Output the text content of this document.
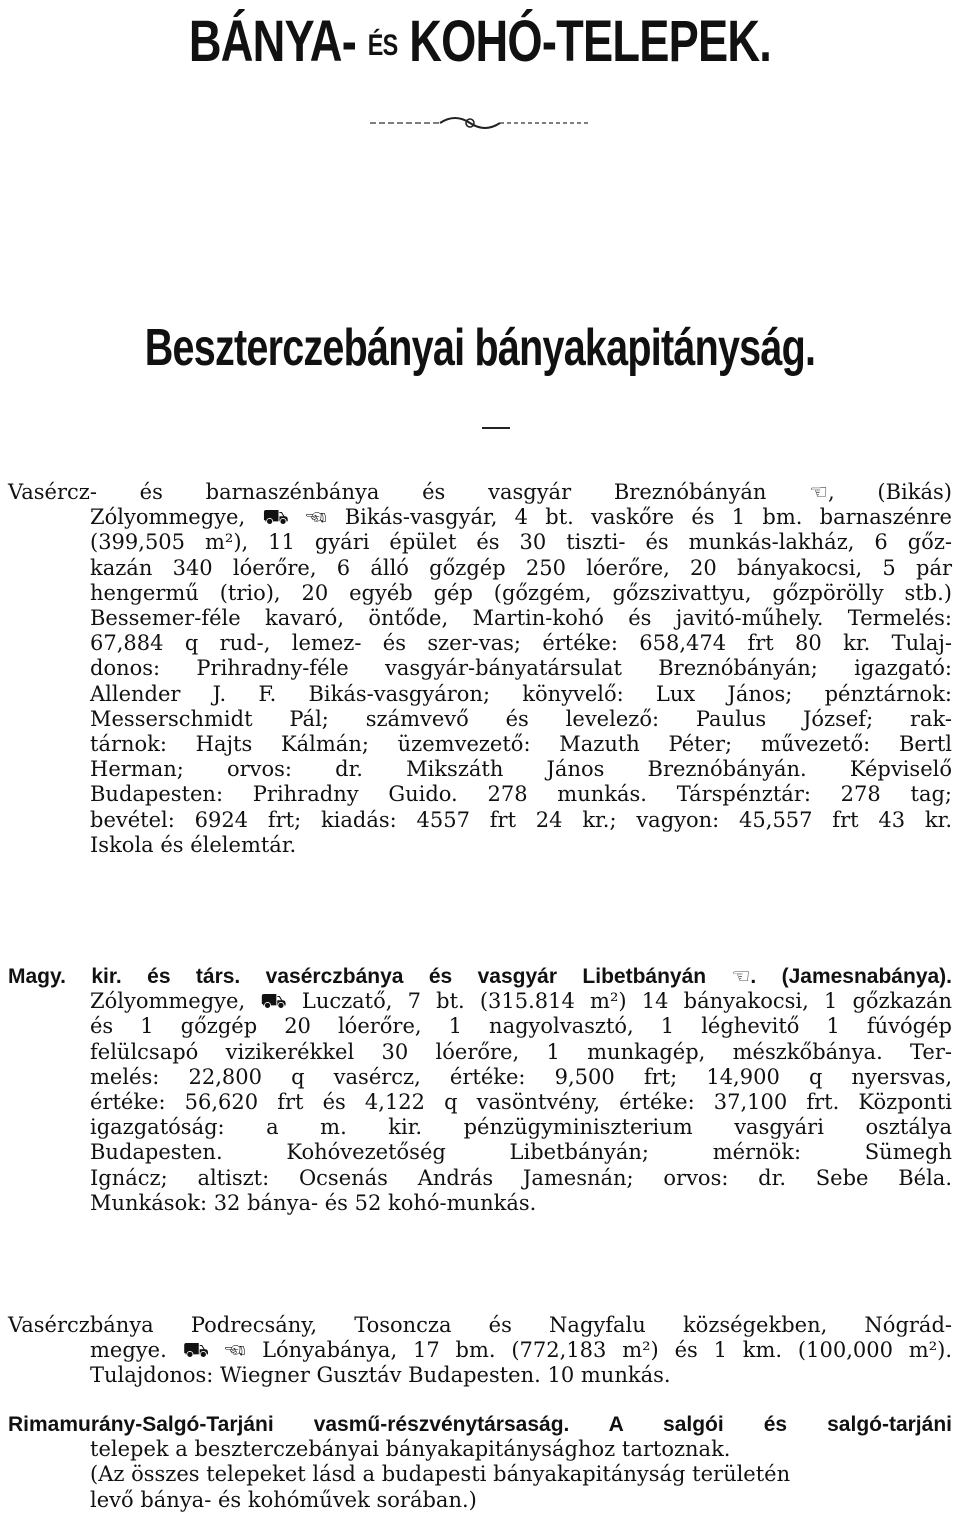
BÁNYA- ÉS KOHÓ-TELEPEK.
Beszterczebányai bányakapitányság.
Vasércz- és barnaszénbánya és vasgyár Breznóbányán ☜, (Bikás)
Zólyommegye, ⛟ ☜ Bikás-vasgyár, 4 bt. vaskőre és 1 bm. barnaszénre
(399,505 m²), 11 gyári épület és 30 tiszti- és munkás-lakház, 6 gőz-
kazán 340 lóerőre, 6 álló gőzgép 250 lóerőre, 20 bányakocsi, 5 pár
hengermű (trio), 20 egyéb gép (gőzgém, gőzszivattyu, gőzpörölly stb.)
Bessemer-féle kavaró, öntőde, Martin-kohó és javitó-műhely. Termelés:
67,884 q rud-, lemez- és szer-vas; értéke: 658,474 frt 80 kr. Tulaj-
donos: Prihradny-féle vasgyár-bányatársulat Breznóbányán; igazgató:
Allender J. F. Bikás-vasgyáron; könyvelő: Lux János; pénztárnok:
Messerschmidt Pál; számvevő és levelező: Paulus József; rak-
tárnok: Hajts Kálmán; üzemvezető: Mazuth Péter; művezető: Bertl
Herman; orvos: dr. Mikszáth János Breznóbányán. Képviselő
Budapesten: Prihradny Guido. 278 munkás. Társpénztár: 278 tag;
bevétel: 6924 frt; kiadás: 4557 frt 24 kr.; vagyon: 45,557 frt 43 kr.
Iskola és élelemtár.
Magy. kir. és társ. vasérczbánya és vasgyár Libetbányán ☜. (Jamesnabánya).
Zólyommegye, ⛟ Luczatő, 7 bt. (315.814 m²) 14 bányakocsi, 1 gőzkazán
és 1 gőzgép 20 lóerőre, 1 nagyolvasztó, 1 léghevitő 1 fúvógép
felülcsapó vizikerékkel 30 lóerőre, 1 munkagép, mészkőbánya. Ter-
melés: 22,800 q vasércz, értéke: 9,500 frt; 14,900 q nyersvas,
értéke: 56,620 frt és 4,122 q vasöntvény, értéke: 37,100 frt. Központi
igazgatóság: a m. kir. pénzügyminiszterium vasgyári osztálya
Budapesten. Kohóvezetőség Libetbányán; mérnök: Sümegh
Ignácz; altiszt: Ocsenás András Jamesnán; orvos: dr. Sebe Béla.
Munkások: 32 bánya- és 52 kohó-munkás.
Vasérczbánya Podrecsány, Tosoncza és Nagyfalu községekben, Nógrád-
megye. ⛟ ☜ Lónyabánya, 17 bm. (772,183 m²) és 1 km. (100,000 m²).
Tulajdonos: Wiegner Gusztáv Budapesten. 10 munkás.
Rimamurány-Salgó-Tarjáni vasmű-részvénytársaság. A salgói és salgó-tarjáni
telepek a beszterczebányai bányakapitánysághoz tartoznak.
(Az összes telepeket lásd a budapesti bányakapitányság területén
levő bánya- és kohóművek sorában.)
